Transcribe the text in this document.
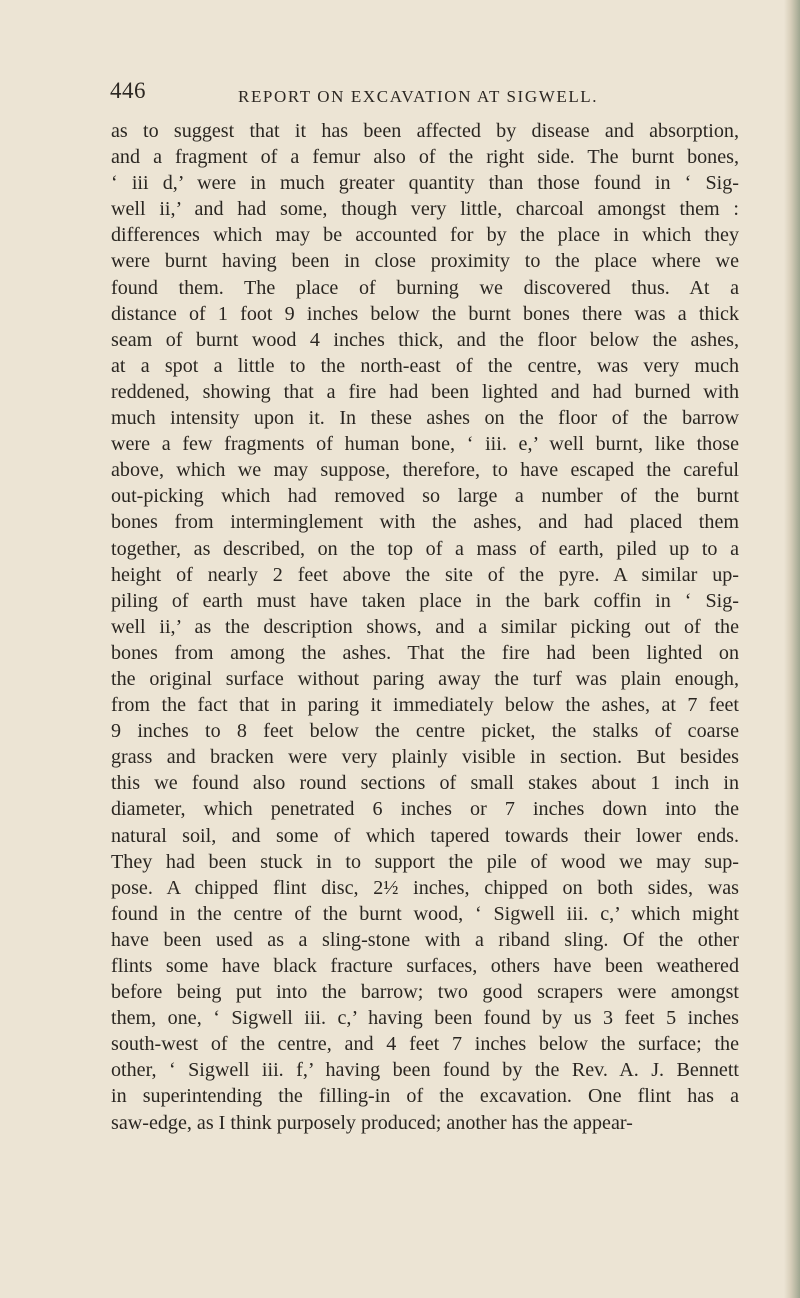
446	REPORT ON EXCAVATION AT SIGWELL.
as to suggest that it has been affected by disease and absorption,
and a fragment of a femur also of the right side. The burnt bones,
‘ iii d,’ were in much greater quantity than those found in ‘ Sig-
well ii,’ and had some, though very little, charcoal amongst them :
differences which may be accounted for by the place in which they
were burnt having been in close proximity to the place where we
found them. The place of burning we discovered thus. At a
distance of 1 foot 9 inches below the burnt bones there was a thick
seam of burnt wood 4 inches thick, and the floor below the ashes,
at a spot a little to the north-east of the centre, was very much
reddened, showing that a fire had been lighted and had burned with
much intensity upon it. In these ashes on the floor of the barrow
were a few fragments of human bone, ‘ iii. e,’ well burnt, like those
above, which we may suppose, therefore, to have escaped the careful
out-picking which had removed so large a number of the burnt
bones from interminglement with the ashes, and had placed them
together, as described, on the top of a mass of earth, piled up to a
height of nearly 2 feet above the site of the pyre. A similar up-
piling of earth must have taken place in the bark coffin in ‘ Sig-
well ii,’ as the description shows, and a similar picking out of the
bones from among the ashes. That the fire had been lighted on
the original surface without paring away the turf was plain enough,
from the fact that in paring it immediately below the ashes, at 7 feet
9 inches to 8 feet below the centre picket, the stalks of coarse
grass and bracken were very plainly visible in section. But besides
this we found also round sections of small stakes about 1 inch in
diameter, which penetrated 6 inches or 7 inches down into the
natural soil, and some of which tapered towards their lower ends.
They had been stuck in to support the pile of wood we may sup-
pose. A chipped flint disc, 2½ inches, chipped on both sides, was
found in the centre of the burnt wood, ‘ Sigwell iii. c,’ which might
have been used as a sling-stone with a riband sling. Of the other
flints some have black fracture surfaces, others have been weathered
before being put into the barrow; two good scrapers were amongst
them, one, ‘ Sigwell iii. c,’ having been found by us 3 feet 5 inches
south-west of the centre, and 4 feet 7 inches below the surface; the
other, ‘ Sigwell iii. f,’ having been found by the Rev. A. J. Bennett
in superintending the filling-in of the excavation. One flint has a
saw-edge, as I think purposely produced; another has the appear-
